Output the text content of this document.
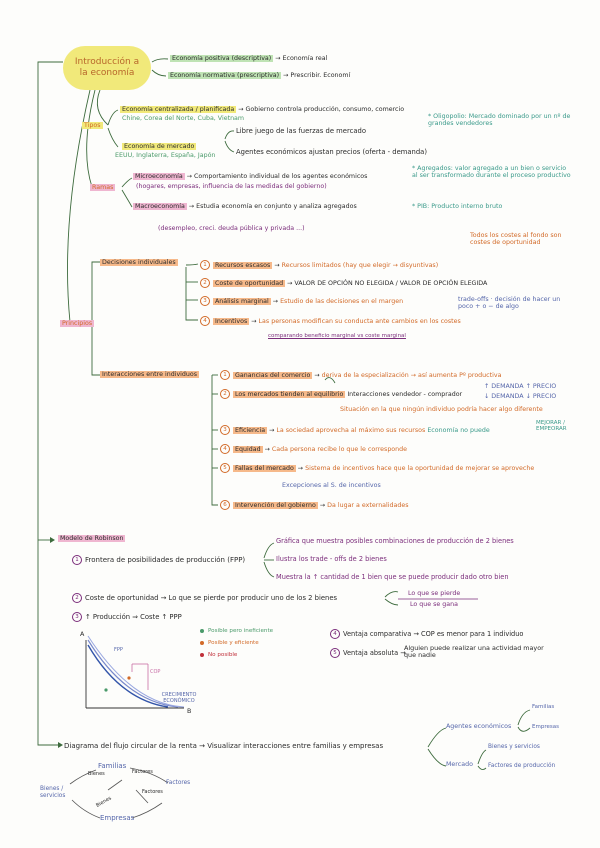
Introducción a
la economía
Economía positiva (descriptiva) → Economía real
Economía normativa (prescriptiva) → Prescribir. Economí
Tipos
Economía centralizada / planificada → Gobierno controla producción, consumo, comercio
Chine, Corea del Norte, Cuba, Vietnam
Economía de mercado
EEUU, Inglaterra, España, Japón
Libre juego de las fuerzas de mercado
Agentes económicos ajustan precios (oferta - demanda)
* Oligopolio: Mercado dominado por un nº de grandes vendedores
Ramas
Microeconomía → Comportamiento individual de los agentes económicos
(hogares, empresas, influencia de las medidas del gobierno)
Macroeconomía → Estudia economía en conjunto y analiza agregados
(desempleo, creci. deuda pública y privada ...)
* Agregados: valor agregado a un bien o servicio al ser transformado durante el proceso productivo
* PIB: Producto interno bruto
Principios
Decisiones individuales
Todos los costes al fondo son costes de oportunidad
1 Recursos escasos → Recursos limitados (hay que elegir → disyuntivas)
2 Coste de oportunidad → VALOR DE OPCIÓN NO ELEGIDA / VALOR DE OPCIÓN ELEGIDA
3 Análisis marginal → Estudio de las decisiones en el margen	trade-offs · decisión de hacer un poco + o − de algo
4 Incentivos → Las personas modifican su conducta ante cambios en los costes
comparando beneficio marginal vs coste marginal
Interacciones entre individuos	1 Ganancias del comercio → deriva de la especialización → así aumenta Pº productiva
2 Los mercados tienden al equilibrio Interacciones vendedor - comprador
↑ DEMANDA ↑ PRECIO
↓ DEMANDA ↓ PRECIO
Situación en la que ningún individuo podría hacer algo diferente
3 Eficiencia → La sociedad aprovecha al máximo sus recursos Economía no puede
MEJORAR / EMPEORAR
4 Equidad → Cada persona recibe lo que le corresponde
5 Fallas del mercado → Sistema de incentivos hace que la oportunidad de mejorar se aproveche
Excepciones al S. de incentivos
6 Intervención del gobierno → Da lugar a externalidades
Modelo de Robinson
1 Frontera de posibilidades de producción (FPP)
Gráfica que muestra posibles combinaciones de producción de 2 bienes
Ilustra los trade - offs de 2 bienes
Muestra la ↑ cantidad de 1 bien que se puede producir dado otro bien
2 Coste de oportunidad → Lo que se pierde por producir uno de los 2 bienes
Lo que se pierde
Lo que se gana
3 ↑ Producción ⇒ Coste ↑ PPP
A
B
FPP
COP
CRECIMIENTO ECONÓMICO
Posible pero ineficiente
Posible y eficiente
No posible
4 Ventaja comparativa → COP es menor para 1 individuo
5 Ventaja absoluta →
Alguien puede realizar una actividad mayor que nadie
Diagrama del flujo circular de la renta → Visualizar interacciones entre familias y empresas
Agentes económicos
Familias
Empresas
Mercado
Bienes y servicios
Factores de producción
Familias
Empresas
Bienes / servicios
Factores
Bienes	Factores
Bienes
Factores
